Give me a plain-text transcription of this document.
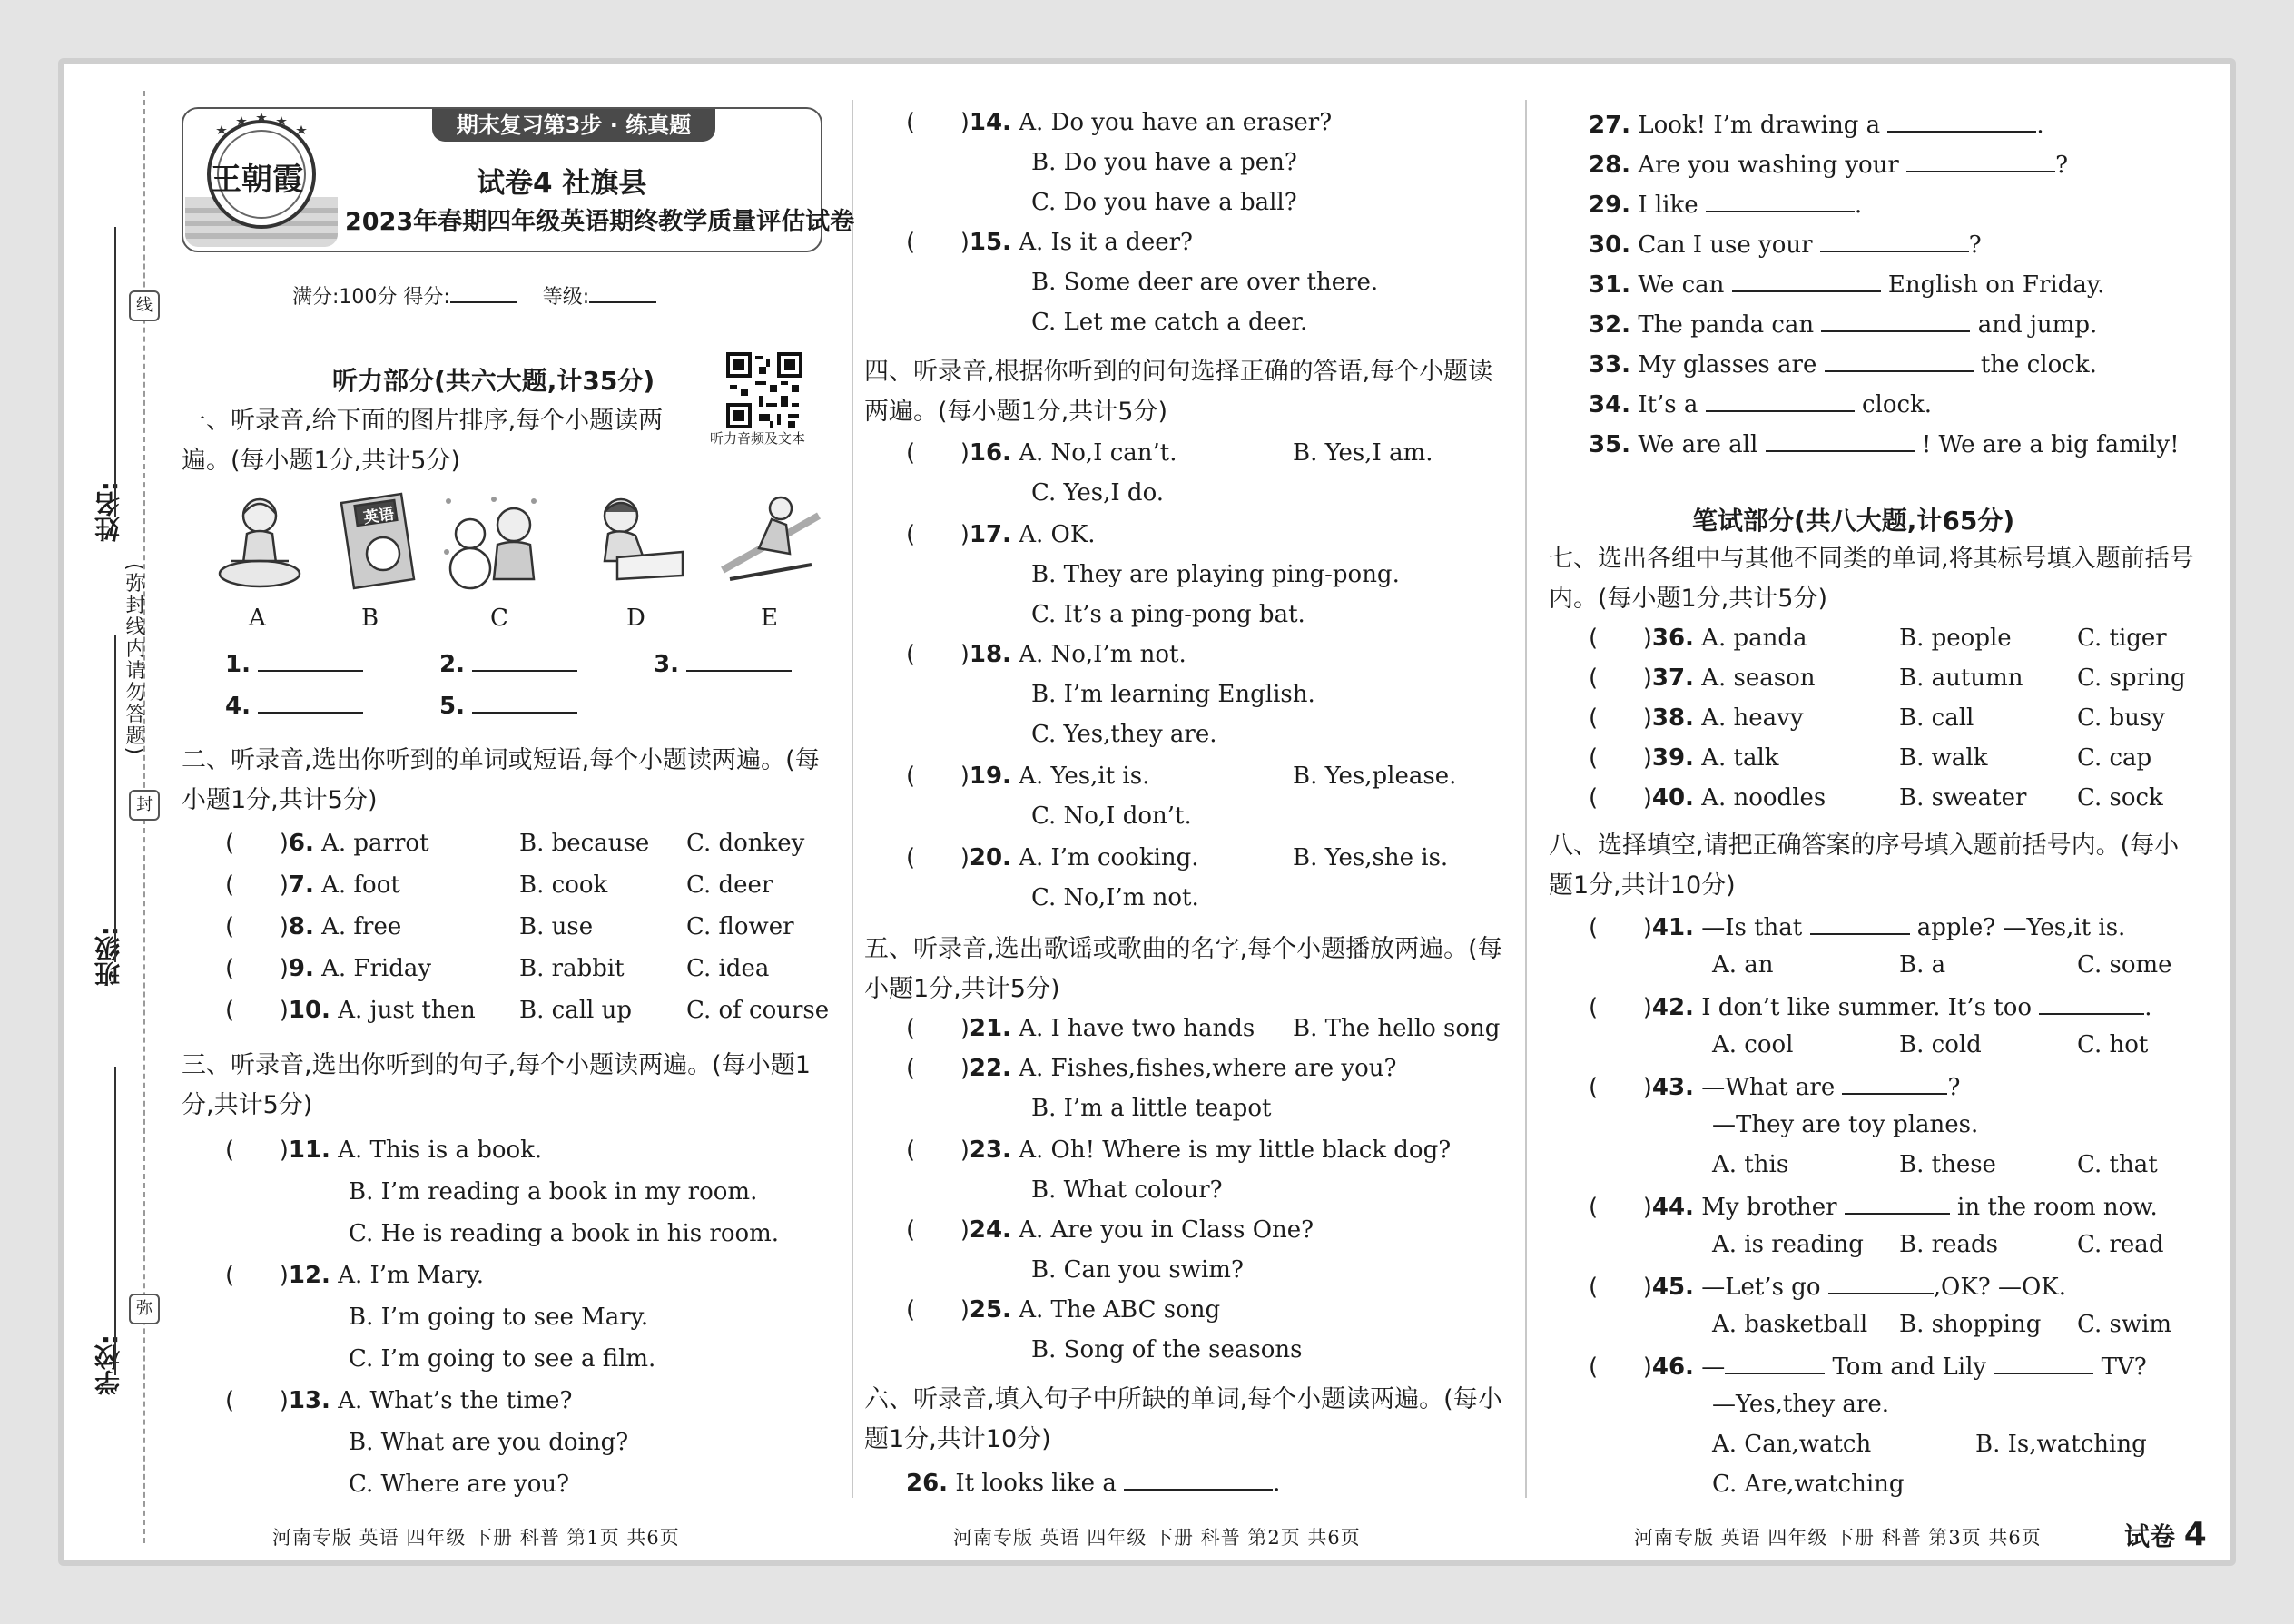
姓名:
班级:
学校:
线
封
弥
(弥封线内请勿答题)
王朝霞
期末复习第3步 · 练真题
试卷4 社旗县
2023年春期四年级英语期终教学质量评估试卷
满分:100分 得分:	等级:
听力音频及文本
听力部分(共六大题,计35分)
一、听录音,给下面的图片排序,每个小题读两遍。(每小题1分,共计5分)
英语
A	B	C	D	E
1.	2.	3.
4.	5.
二、听录音,选出你听到的单词或短语,每个小题读两遍。(每小题1分,共计5分)
(      )6. A. parrot	B. because C. donkey
(      )7. A. foot	B. cook	C. deer
(      )8. A. free	B. use	C. flower
(      )9. A. Friday	B. rabbit	C. idea
(      )10. A. just then B. call up C. of course
三、听录音,选出你听到的句子,每个小题读两遍。(每小题1分,共计5分)
(      )11. A. This is a book.
B. I’m reading a book in my room.
C. He is reading a book in his room.
(      )12. A. I’m Mary.
B. I’m going to see Mary.
C. I’m going to see a film.
(      )13. A. What’s the time?
B. What are you doing?
C. Where are you?
河南专版 英语 四年级 下册 科普 第1页 共6页
(      )14. A. Do you have an eraser?
B. Do you have a pen?
C. Do you have a ball?
(      )15. A. Is it a deer?
B. Some deer are over there.
C. Let me catch a deer.
四、听录音,根据你听到的问句选择正确的答语,每个小题读两遍。(每小题1分,共计5分)
(      )16. A. No,I can’t.	B. Yes,I am.
C. Yes,I do.
(      )17. A. OK.
B. They are playing ping-pong.
C. It’s a ping-pong bat.
(      )18. A. No,I’m not.
B. I’m learning English.
C. Yes,they are.
(      )19. A. Yes,it is.	B. Yes,please.
C. No,I don’t.
(      )20. A. I’m cooking.	B. Yes,she is.
C. No,I’m not.
五、听录音,选出歌谣或歌曲的名字,每个小题播放两遍。(每小题1分,共计5分)
(      )21. A. I have two hands B. The hello song
(      )22. A. Fishes,fishes,where are you?
B. I’m a little teapot
(      )23. A. Oh! Where is my little black dog?
B. What colour?
(      )24. A. Are you in Class One?
B. Can you swim?
(      )25. A. The ABC song
B. Song of the seasons
六、听录音,填入句子中所缺的单词,每个小题读两遍。(每小题1分,共计10分)
26. It looks like a	.
河南专版 英语 四年级 下册 科普 第2页 共6页
27. Look! I’m drawing a	.
28. Are you washing your	?
29. I like	.
30. Can I use your	?
31. We can	English on Friday.
32. The panda can	and jump.
33. My glasses are	the clock.
34. It’s a	clock.
35. We are all	! We are a big family!
笔试部分(共八大题,计65分)
七、选出各组中与其他不同类的单词,将其标号填入题前括号内。(每小题1分,共计5分)
(      )36. A. panda	B. people	C. tiger
(      )37. A. season	B. autumn C. spring
(      )38. A. heavy	B. call	C. busy
(      )39. A. talk	B. walk	C. cap
(      )40. A. noodles	B. sweater C. sock
八、选择填空,请把正确答案的序号填入题前括号内。(每小题1分,共计10分)
(      )41. —Is that	apple? —Yes,it is.
A. an	B. a	C. some
(      )42. I don’t like summer. It’s too	.
A. cool	B. cold	C. hot
(      )43. —What are	?
—They are toy planes.
A. this	B. these	C. that
(      )44. My brother	in the room now.
A. is reading B. reads	C. read
(      )45. —Let’s go	,OK? —OK.
A. basketball B. shopping C. swim
(      )46. —	Tom and Lily	TV?
—Yes,they are.
A. Can,watch	B. Is,watching
C. Are,watching
河南专版 英语 四年级 下册 科普 第3页 共6页	试卷 4
